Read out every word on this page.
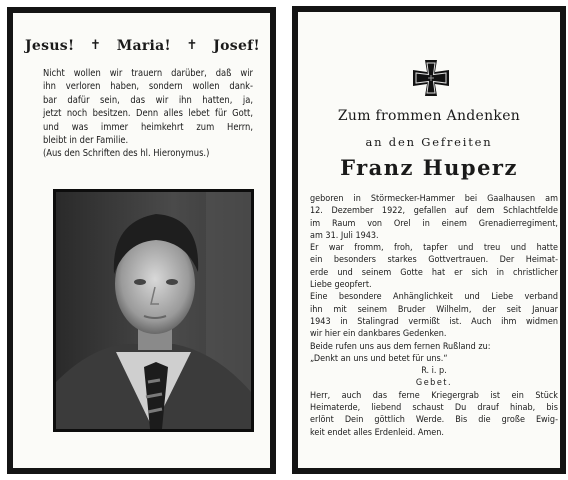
Jesus! ✝ Maria! ✝ Josef!
Nicht wollen wir trauern darüber, daß wir
ihn verloren haben, sondern wollen dank-
bar dafür sein, das wir ihn hatten, ja,
jetzt noch besitzen. Denn alles lebet für Gott,
und was immer heimkehrt zum Herrn,
bleibt in der Familie.
(Aus den Schriften des hl. Hieronymus.)
Zum frommen Andenken
an den Gefreiten
Franz Huperz
geboren in Störmecker-Hammer bei Gaalhausen am
12. Dezember 1922, gefallen auf dem Schlachtfelde
im Raum von Orel in einem Grenadierregiment,
am 31. Juli 1943.
Er war fromm, froh, tapfer und treu und hatte
ein besonders starkes Gottvertrauen. Der Heimat-
erde und seinem Gotte hat er sich in christlicher
Liebe geopfert.
Eine besondere Anhänglichkeit und Liebe verband
ihn mit seinem Bruder Wilhelm, der seit Januar
1943 in Stalingrad vermißt ist. Auch ihm widmen
wir hier ein dankbares Gedenken.
Beide rufen uns aus dem fernen Rußland zu:
„Denkt an uns und betet für uns.“
R. i. p.
Gebet.
Herr, auch das ferne Kriegergrab ist ein Stück
Heimaterde, liebend schaust Du drauf hinab, bis
erlönt Dein göttlich Werde. Bis die große Ewig-
keit endet alles Erdenleid. Amen.
